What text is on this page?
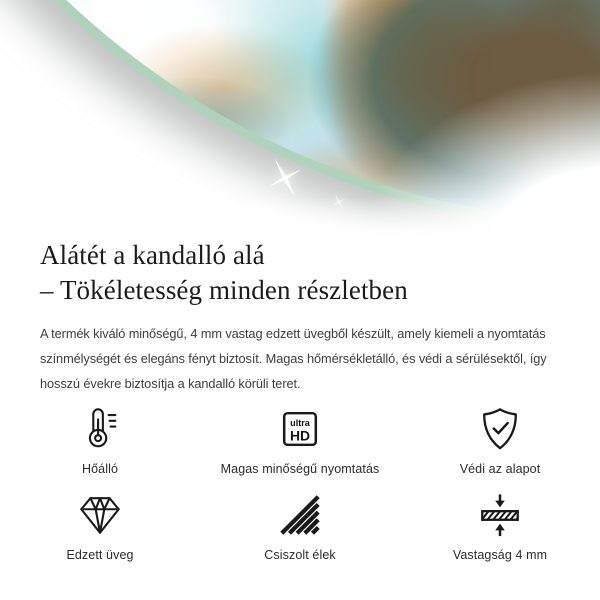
Alátét a kandalló alá
– Tökéletesség minden részletben
A termék kiváló minőségű, 4 mm vastag edzett üvegből készült, amely kiemeli a nyomtatás
színmélységét és elegáns fényt biztosít. Magas hőmérsékletálló, és védi a sérülésektől, így
hosszú évekre biztosítja a kandalló körüli teret.
Hőálló
ultra
HD
Magas minőségű nyomtatás	Védi az alapot
Edzett üveg	Csiszolt élek	Vastagság 4 mm
